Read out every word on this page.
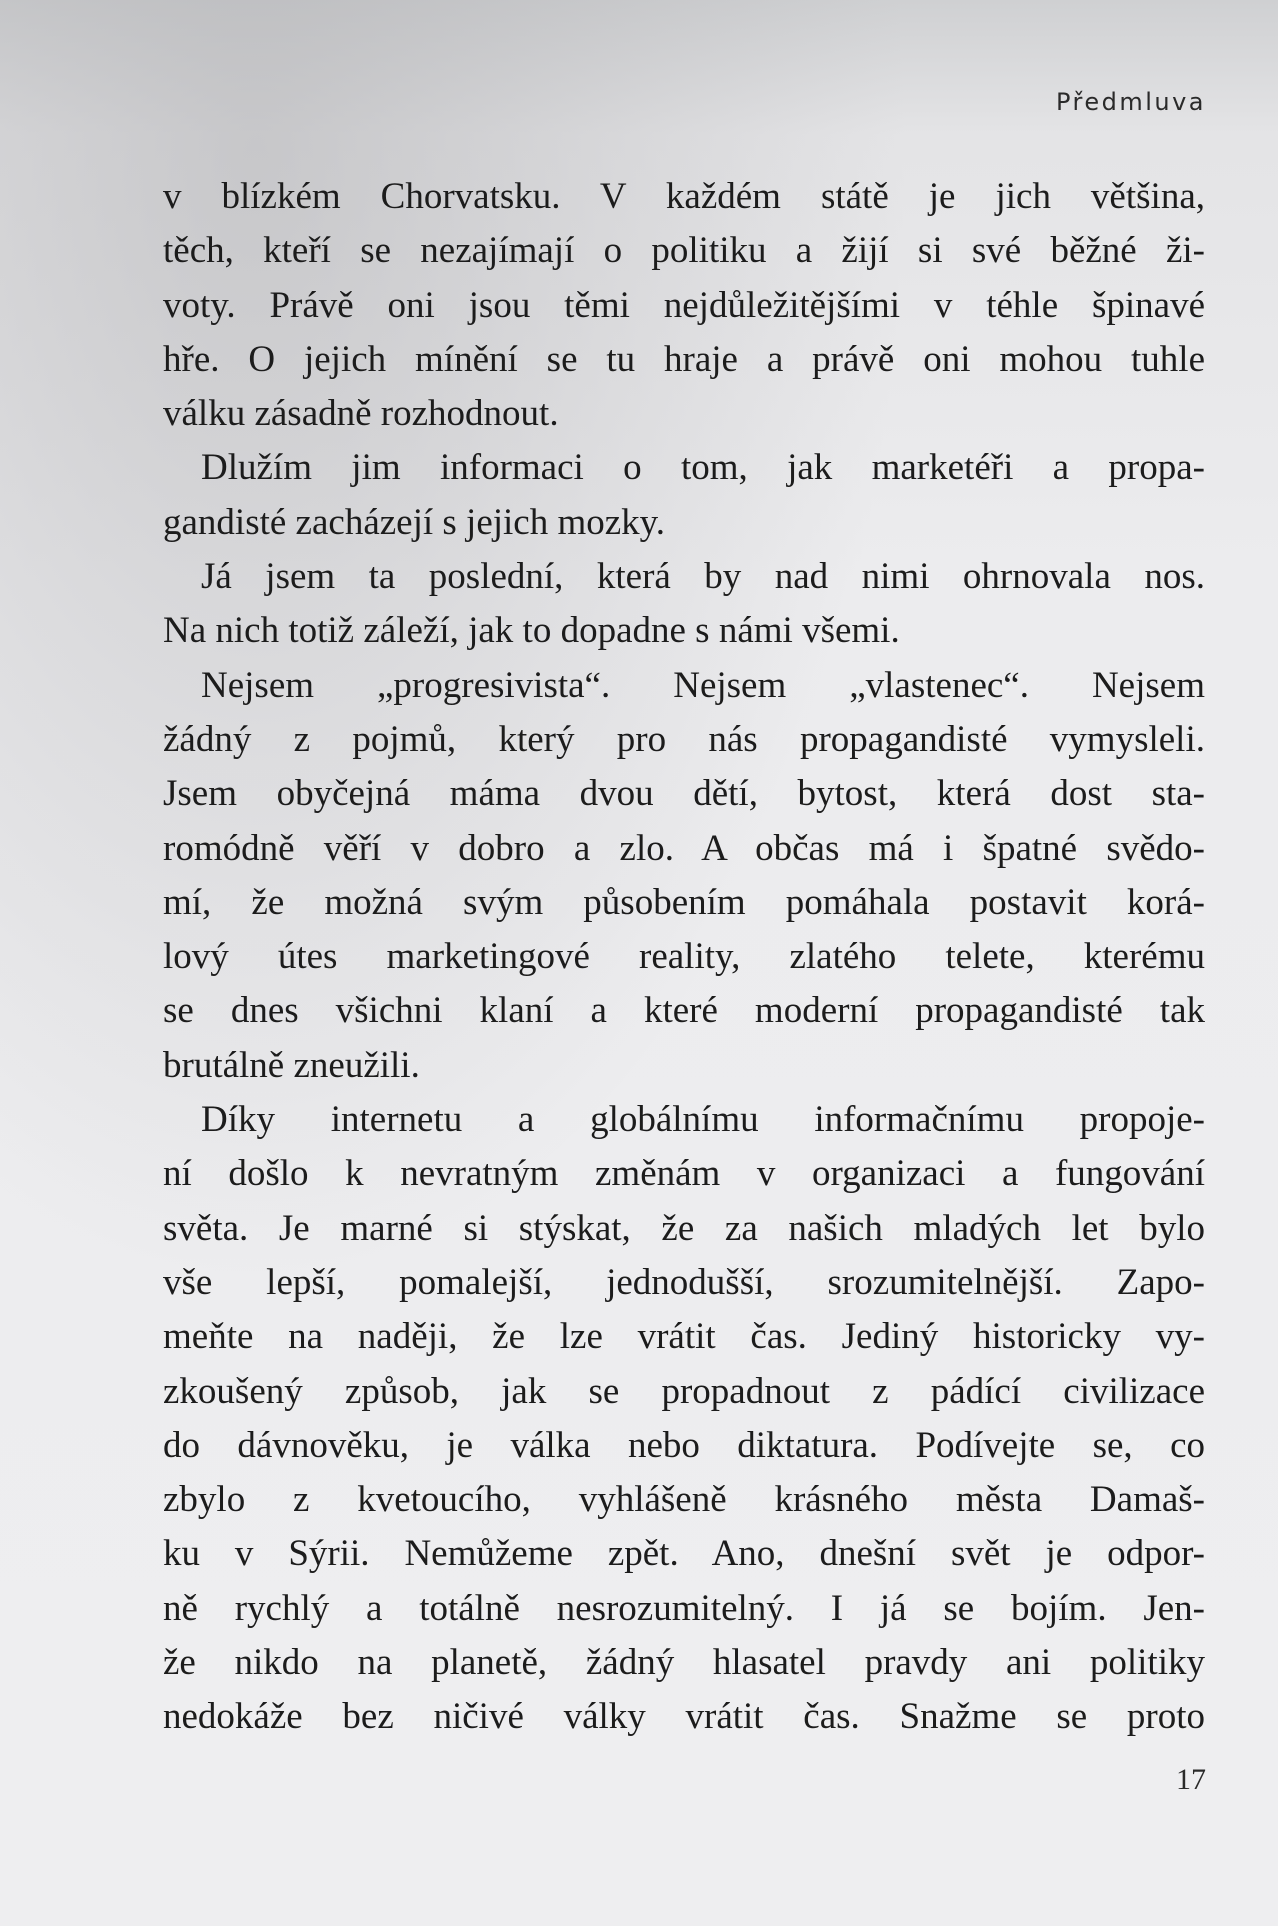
Předmluva
v blízkém Chorvatsku. V každém státě je jich většina,
těch, kteří se nezajímají o politiku a žijí si své běžné ži-
voty. Právě oni jsou těmi nejdůležitějšími v téhle špinavé
hře. O jejich mínění se tu hraje a právě oni mohou tuhle
válku zásadně rozhodnout.
Dlužím jim informaci o tom, jak marketéři a propa-
gandisté zacházejí s jejich mozky.
Já jsem ta poslední, která by nad nimi ohrnovala nos.
Na nich totiž záleží, jak to dopadne s námi všemi.
Nejsem „progresivista“. Nejsem „vlastenec“. Nejsem
žádný z pojmů, který pro nás propagandisté vymysleli.
Jsem obyčejná máma dvou dětí, bytost, která dost sta-
romódně věří v dobro a zlo. A občas má i špatné svědo-
mí, že možná svým působením pomáhala postavit korá-
lový útes marketingové reality, zlatého telete, kterému
se dnes všichni klaní a které moderní propagandisté tak
brutálně zneužili.
Díky internetu a globálnímu informačnímu propoje-
ní došlo k nevratným změnám v organizaci a fungování
světa. Je marné si stýskat, že za našich mladých let bylo
vše lepší, pomalejší, jednodušší, srozumitelnější. Zapo-
meňte na naději, že lze vrátit čas. Jediný historicky vy-
zkoušený způsob, jak se propadnout z pádící civilizace
do dávnověku, je válka nebo diktatura. Podívejte se, co
zbylo z kvetoucího, vyhlášeně krásného města Damaš-
ku v Sýrii. Nemůžeme zpět. Ano, dnešní svět je odpor-
ně rychlý a totálně nesrozumitelný. I já se bojím. Jen-
že nikdo na planetě, žádný hlasatel pravdy ani politiky
nedokáže bez ničivé války vrátit čas. Snažme se proto
17
